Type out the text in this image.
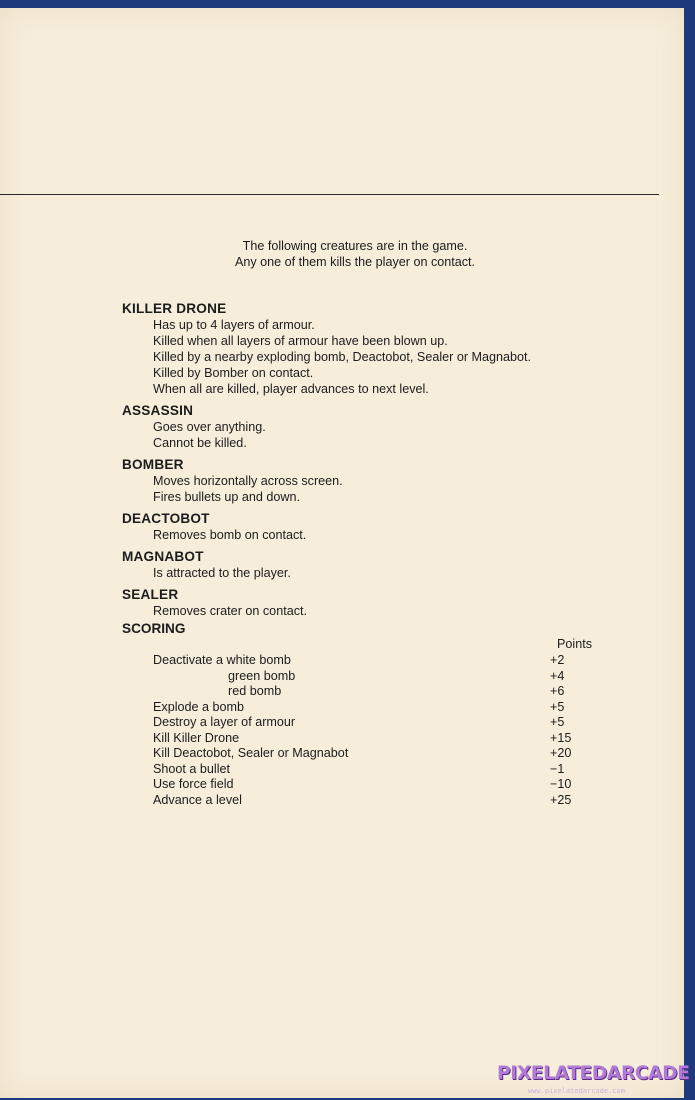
The following creatures are in the game.
Any one of them kills the player on contact.
KILLER DRONE
Has up to 4 layers of armour.
Killed when all layers of armour have been blown up.
Killed by a nearby exploding bomb, Deactobot, Sealer or Magnabot.
Killed by Bomber on contact.
When all are killed, player advances to next level.
ASSASSIN
Goes over anything.
Cannot be killed.
BOMBER
Moves horizontally across screen.
Fires bullets up and down.
DEACTOBOT
Removes bomb on contact.
MAGNABOT
Is attracted to the player.
SEALER
Removes crater on contact.
SCORING
Points
Deactivate a white bomb	+2
green bomb	+4
red bomb	+6
Explode a bomb	+5
Destroy a layer of armour	+5
Kill Killer Drone	+15
Kill Deactobot, Sealer or Magnabot	+20
Shoot a bullet	−1
Use force field	−10
Advance a level	+25
PIXELATEDARCADE
www.pixelatedarcade.com
